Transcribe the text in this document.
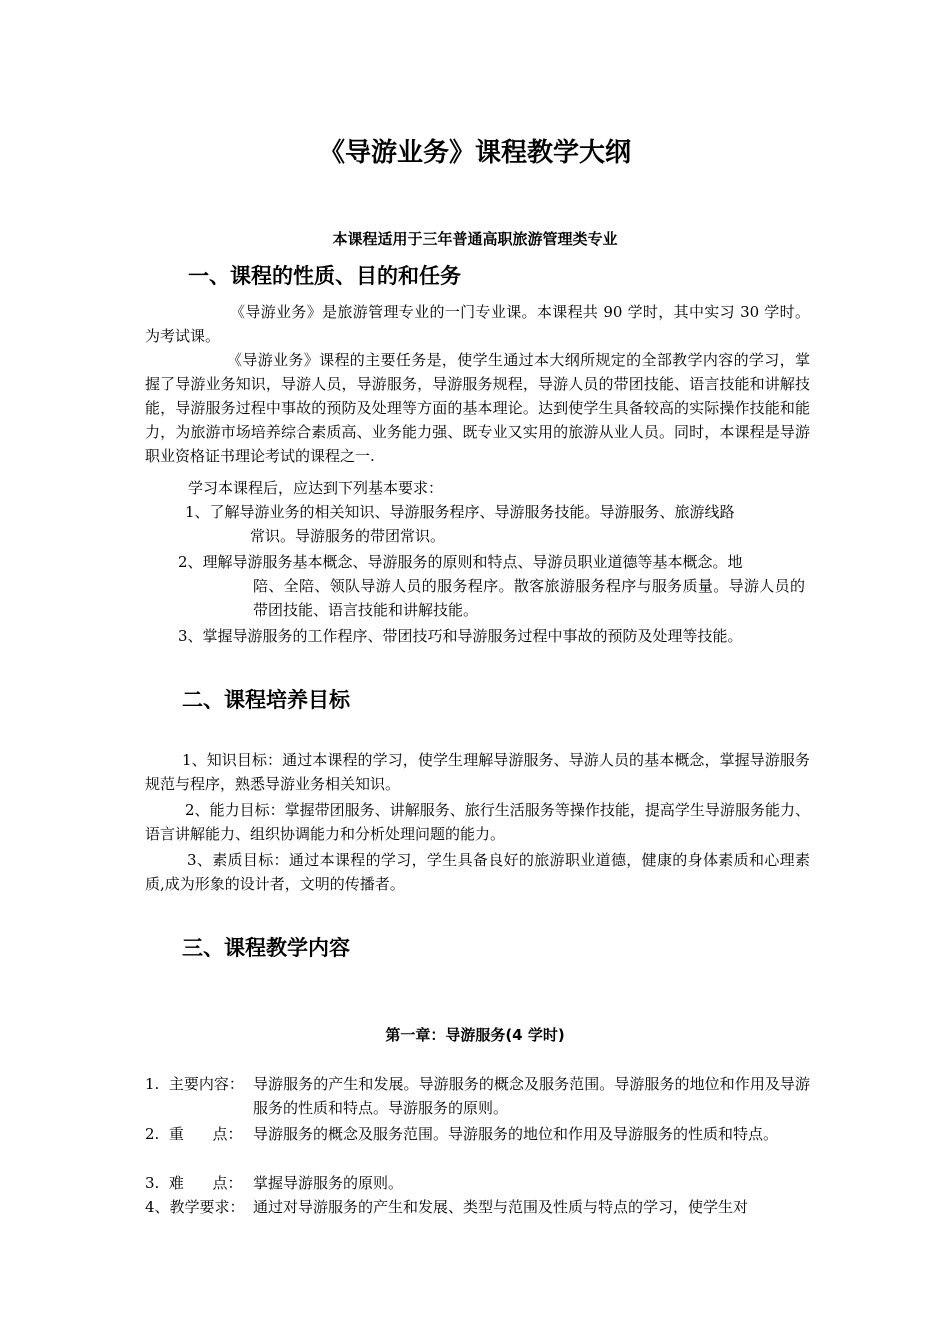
《导游业务》课程教学大纲
本课程适用于三年普通高职旅游管理类专业
一、课程的性质、目的和任务
《导游业务》是旅游管理专业的一门专业课。本课程共 90 学时，其中实习 30 学时。为考试课。
《导游业务》课程的主要任务是，使学生通过本大纲所规定的全部教学内容的学习，掌握了导游业务知识，导游人员，导游服务，导游服务规程，导游人员的带团技能、语言技能和讲解技能，导游服务过程中事故的预防及处理等方面的基本理论。达到使学生具备较高的实际操作技能和能力，为旅游市场培养综合素质高、业务能力强、既专业又实用的旅游从业人员。同时，本课程是导游职业资格证书理论考试的课程之一.
学习本课程后，应达到下列基本要求：
1、了解导游业务的相关知识、导游服务程序、导游服务技能。导游服务、旅游线路
常识。导游服务的带团常识。
2、理解导游服务基本概念、导游服务的原则和特点、导游员职业道德等基本概念。地
陪、全陪、领队导游人员的服务程序。散客旅游服务程序与服务质量。导游人员的带团技能、语言技能和讲解技能。
3、掌握导游服务的工作程序、带团技巧和导游服务过程中事故的预防及处理等技能。
二、课程培养目标
1、知识目标：通过本课程的学习，使学生理解导游服务、导游人员的基本概念，掌握导游服务规范与程序，熟悉导游业务相关知识。
2、能力目标：掌握带团服务、讲解服务、旅行生活服务等操作技能，提高学生导游服务能力、语言讲解能力、组织协调能力和分析处理问题的能力。
3、素质目标：通过本课程的学习，学生具备良好的旅游职业道德，健康的身体素质和心理素质,成为形象的设计者，文明的传播者。
三、课程教学内容
第一章：导游服务(4 学时)
1.  主要内容： 导游服务的产生和发展。导游服务的概念及服务范围。导游服务的地位和作用及导游服务的性质和特点。导游服务的原则。
2.  重      点： 导游服务的概念及服务范围。导游服务的地位和作用及导游服务的性质和特点。
3.  难      点： 掌握导游服务的原则。
4、教学要求： 通过对导游服务的产生和发展、类型与范围及性质与特点的学习，使学生对
